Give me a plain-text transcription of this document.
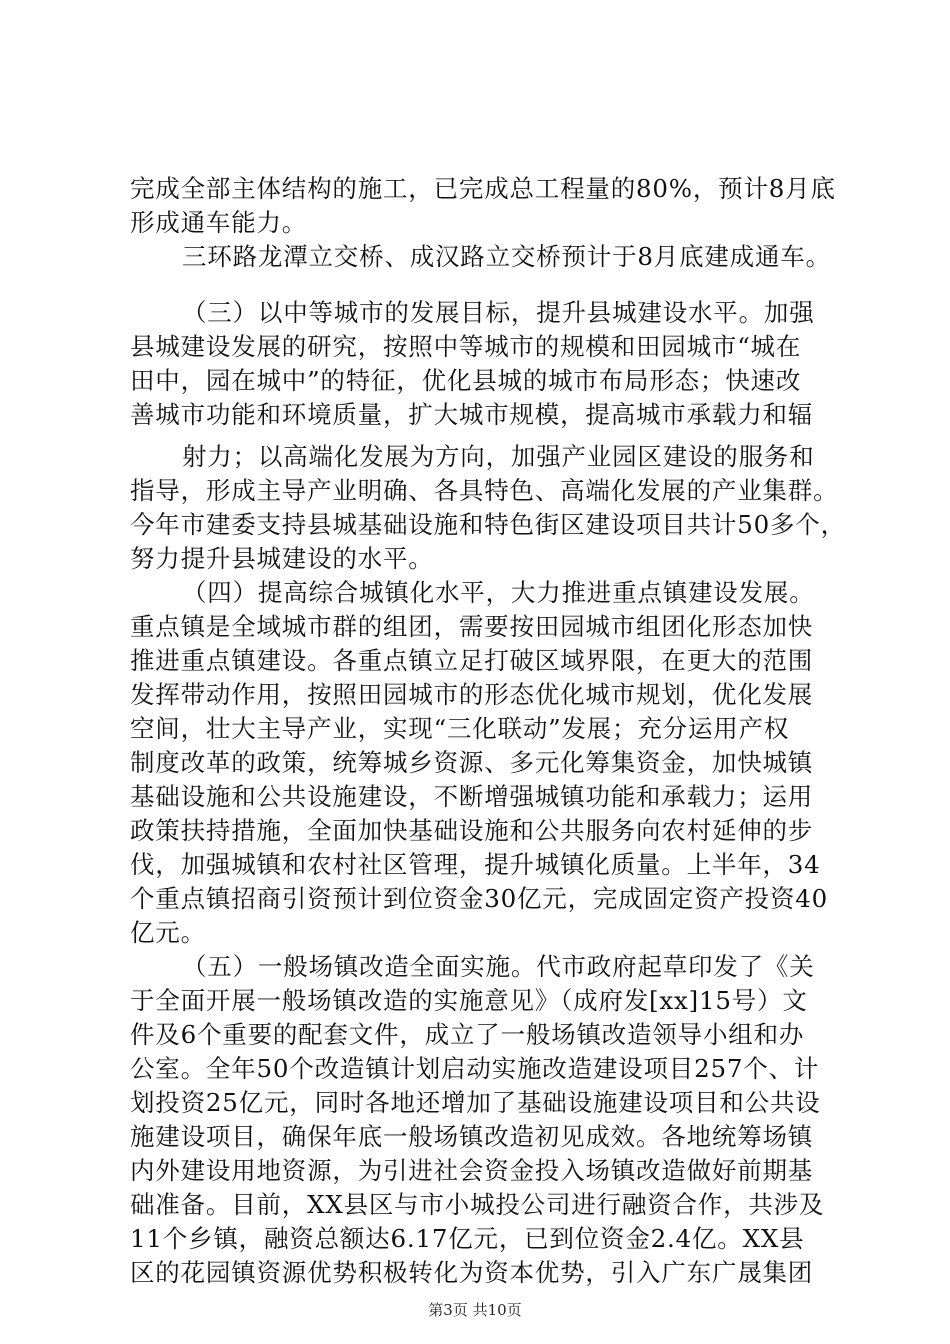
完成全部主体结构的施工，已完成总工程量的80%，预计8月底
形成通车能力。
三环路龙潭立交桥、成汉路立交桥预计于8月底建成通车。
（三）以中等城市的发展目标，提升县城建设水平。加强
县城建设发展的研究，按照中等城市的规模和田园城市“城在
田中，园在城中”的特征，优化县城的城市布局形态；快速改
善城市功能和环境质量，扩大城市规模，提高城市承载力和辐
射力；以高端化发展为方向，加强产业园区建设的服务和
指导，形成主导产业明确、各具特色、高端化发展的产业集群。
今年市建委支持县城基础设施和特色街区建设项目共计50多个，
努力提升县城建设的水平。
（四）提高综合城镇化水平，大力推进重点镇建设发展。
重点镇是全域城市群的组团，需要按田园城市组团化形态加快
推进重点镇建设。各重点镇立足打破区域界限，在更大的范围
发挥带动作用，按照田园城市的形态优化城市规划，优化发展
空间，壮大主导产业，实现“三化联动”发展；充分运用产权
制度改革的政策，统筹城乡资源、多元化筹集资金，加快城镇
基础设施和公共设施建设，不断增强城镇功能和承载力；运用
政策扶持措施，全面加快基础设施和公共服务向农村延伸的步
伐，加强城镇和农村社区管理，提升城镇化质量。上半年，34
个重点镇招商引资预计到位资金30亿元，完成固定资产投资40
亿元。
（五）一般场镇改造全面实施。代市政府起草印发了《关
于全面开展一般场镇改造的实施意见》（成府发[xx]15号）文
件及6个重要的配套文件，成立了一般场镇改造领导小组和办
公室。全年50个改造镇计划启动实施改造建设项目257个、计
划投资25亿元，同时各地还增加了基础设施建设项目和公共设
施建设项目，确保年底一般场镇改造初见成效。各地统筹场镇
内外建设用地资源，为引进社会资金投入场镇改造做好前期基
础准备。目前，XX县区与市小城投公司进行融资合作，共涉及
11个乡镇，融资总额达6.17亿元，已到位资金2.4亿。XX县
区的花园镇资源优势积极转化为资本优势，引入广东广晟集团
第3页 共10页
